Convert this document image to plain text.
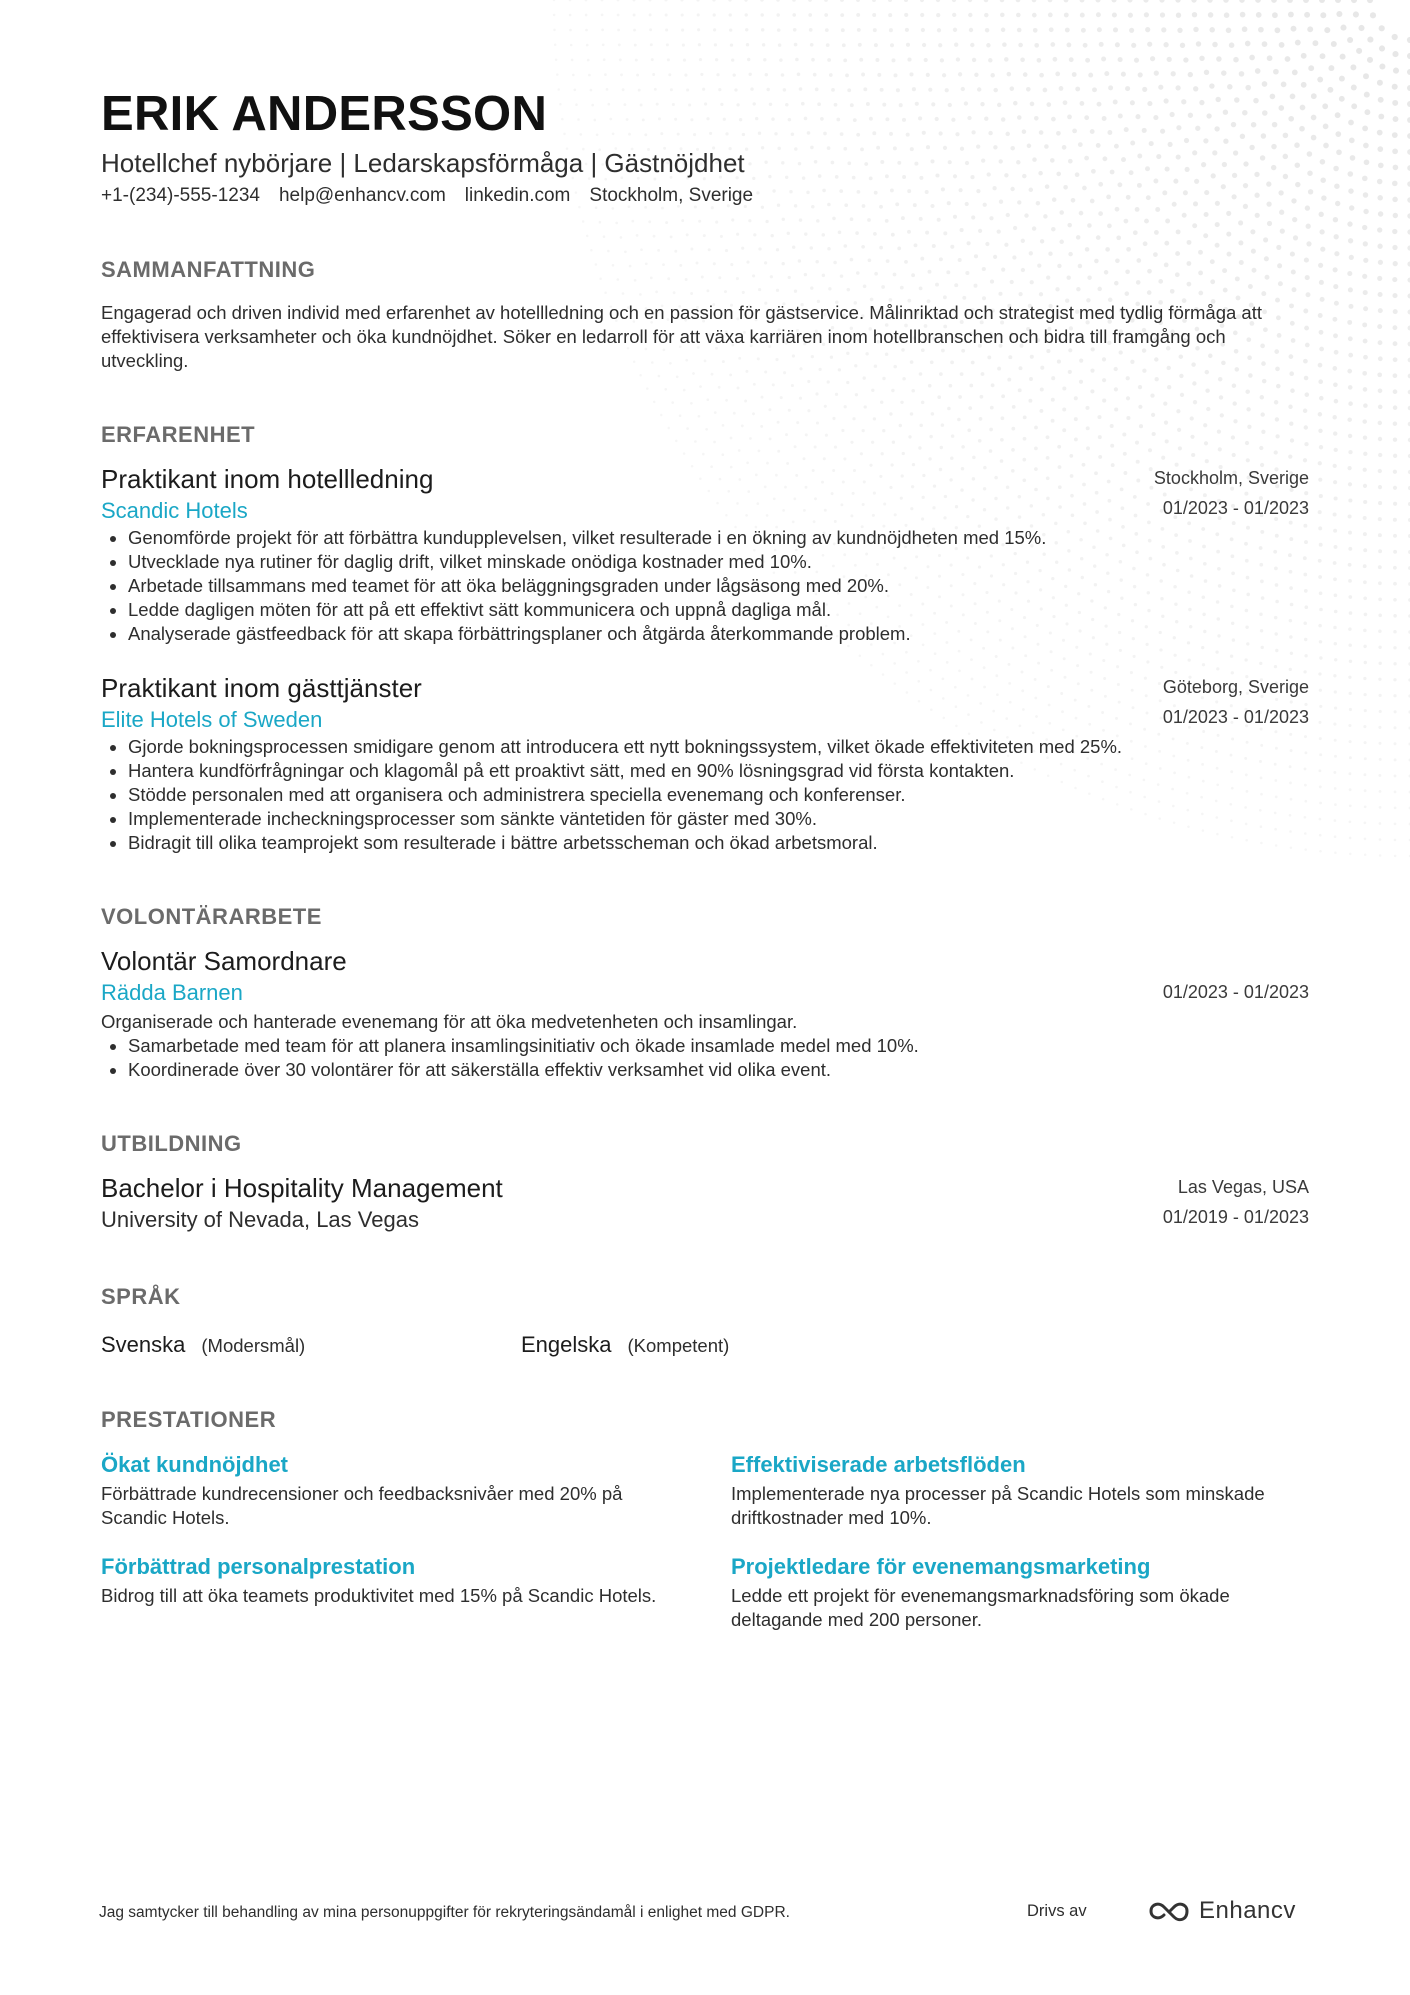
ERIK ANDERSSON
Hotellchef nybörjare | Ledarskapsförmåga | Gästnöjdhet
+1-(234)-555-1234 help@enhancv.com linkedin.com Stockholm, Sverige
SAMMANFATTNING
Engagerad och driven individ med erfarenhet av hotellledning och en passion för gästservice. Målinriktad och strategist med tydlig förmåga att effektivisera verksamheter och öka kundnöjdhet. Söker en ledarroll för att växa karriären inom hotellbranschen och bidra till framgång och utveckling.
ERFARENHET
Praktikant inom hotellledning
Scandic Hotels
Stockholm, Sverige
01/2023 - 01/2023
• Genomförde projekt för att förbättra kundupplevelsen, vilket resulterade i en ökning av kundnöjdheten med 15%.
• Utvecklade nya rutiner för daglig drift, vilket minskade onödiga kostnader med 10%.
• Arbetade tillsammans med teamet för att öka beläggningsgraden under lågsäsong med 20%.
• Ledde dagligen möten för att på ett effektivt sätt kommunicera och uppnå dagliga mål.
• Analyserade gästfeedback för att skapa förbättringsplaner och åtgärda återkommande problem.
Praktikant inom gästtjänster
Elite Hotels of Sweden
Göteborg, Sverige
01/2023 - 01/2023
• Gjorde bokningsprocessen smidigare genom att introducera ett nytt bokningssystem, vilket ökade effektiviteten med 25%.
• Hantera kundförfrågningar och klagomål på ett proaktivt sätt, med en 90% lösningsgrad vid första kontakten.
• Stödde personalen med att organisera och administrera speciella evenemang och konferenser.
• Implementerade incheckningsprocesser som sänkte väntetiden för gäster med 30%.
• Bidragit till olika teamprojekt som resulterade i bättre arbetsscheman och ökad arbetsmoral.
VOLONTÄRARBETE
Volontär Samordnare
Rädda Barnen	01/2023 - 01/2023
Organiserade och hanterade evenemang för att öka medvetenheten och insamlingar.
• Samarbetade med team för att planera insamlingsinitiativ och ökade insamlade medel med 10%.
• Koordinerade över 30 volontärer för att säkerställa effektiv verksamhet vid olika event.
UTBILDNING
Bachelor i Hospitality Management
University of Nevada, Las Vegas
Las Vegas, USA
01/2019 - 01/2023
SPRÅK
Svenska (Modersmål)	Engelska (Kompetent)
PRESTATIONER
Ökat kundnöjdhet
Förbättrade kundrecensioner och feedbacksnivåer med 20% på Scandic Hotels.
Effektiviserade arbetsflöden
Implementerade nya processer på Scandic Hotels som minskade driftkostnader med 10%.
Förbättrad personalprestation
Bidrog till att öka teamets produktivitet med 15% på Scandic Hotels.
Projektledare för evenemangsmarketing
Ledde ett projekt för evenemangsmarknadsföring som ökade deltagande med 200 personer.
Jag samtycker till behandling av mina personuppgifter för rekryteringsändamål i enlighet med GDPR.	Drivs av	Enhancv
